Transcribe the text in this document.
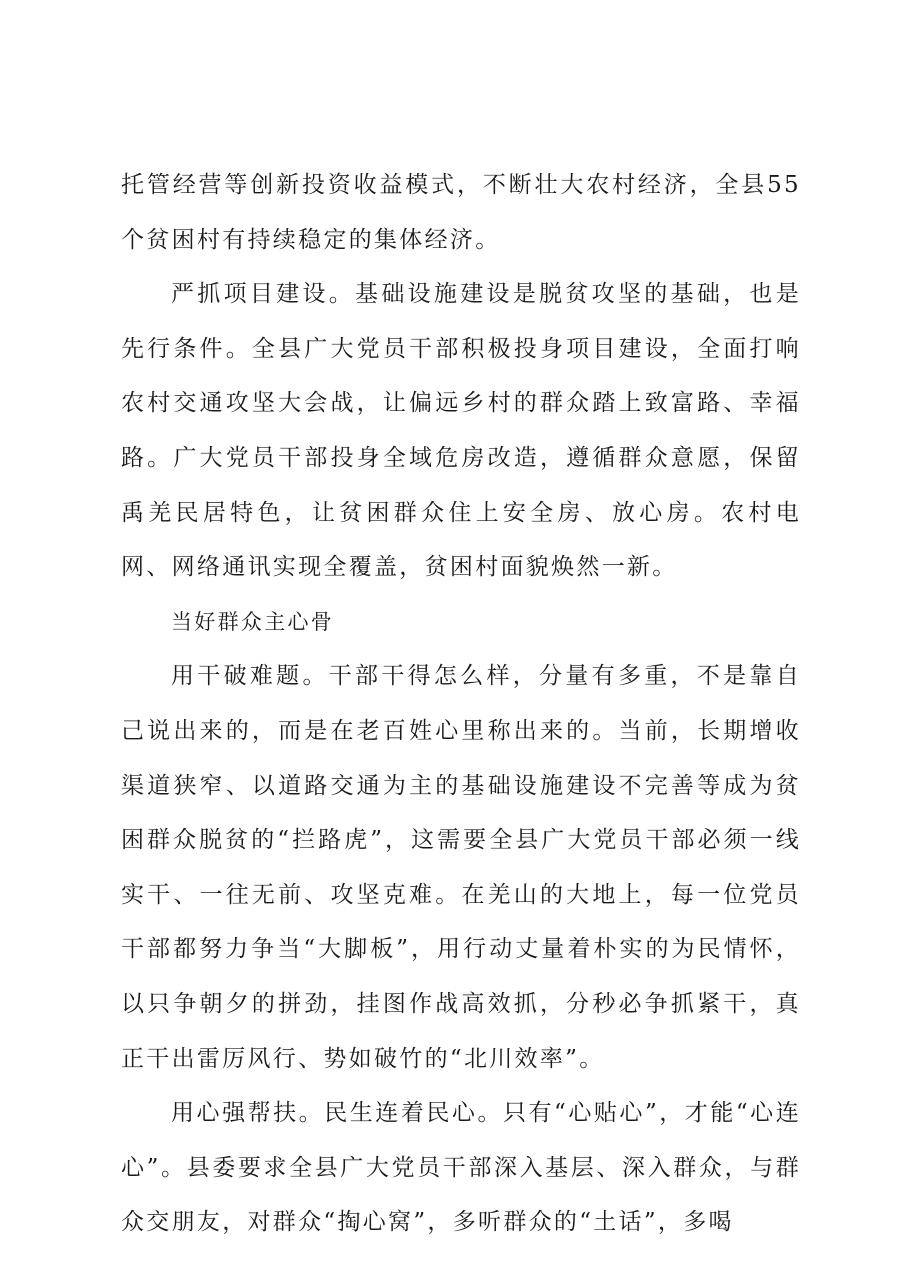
托管经营等创新投资收益模式，不断壮大农村经济，全县55个贫困村有持续稳定的集体经济。

严抓项目建设。基础设施建设是脱贫攻坚的基础，也是先行条件。全县广大党员干部积极投身项目建设，全面打响农村交通攻坚大会战，让偏远乡村的群众踏上致富路、幸福路。广大党员干部投身全域危房改造，遵循群众意愿，保留禹羌民居特色，让贫困群众住上安全房、放心房。农村电网、网络通讯实现全覆盖，贫困村面貌焕然一新。

当好群众主心骨

用干破难题。干部干得怎么样，分量有多重，不是靠自己说出来的，而是在老百姓心里称出来的。当前，长期增收渠道狭窄、以道路交通为主的基础设施建设不完善等成为贫困群众脱贫的“拦路虎”，这需要全县广大党员干部必须一线实干、一往无前、攻坚克难。在羌山的大地上，每一位党员干部都努力争当“大脚板”，用行动丈量着朴实的为民情怀，以只争朝夕的拼劲，挂图作战高效抓，分秒必争抓紧干，真正干出雷厉风行、势如破竹的“北川效率”。

用心强帮扶。民生连着民心。只有“心贴心”，才能“心连心”。县委要求全县广大党员干部深入基层、深入群众，与群众交朋友，对群众“掏心窝”，多听群众的“土话”，多喝
